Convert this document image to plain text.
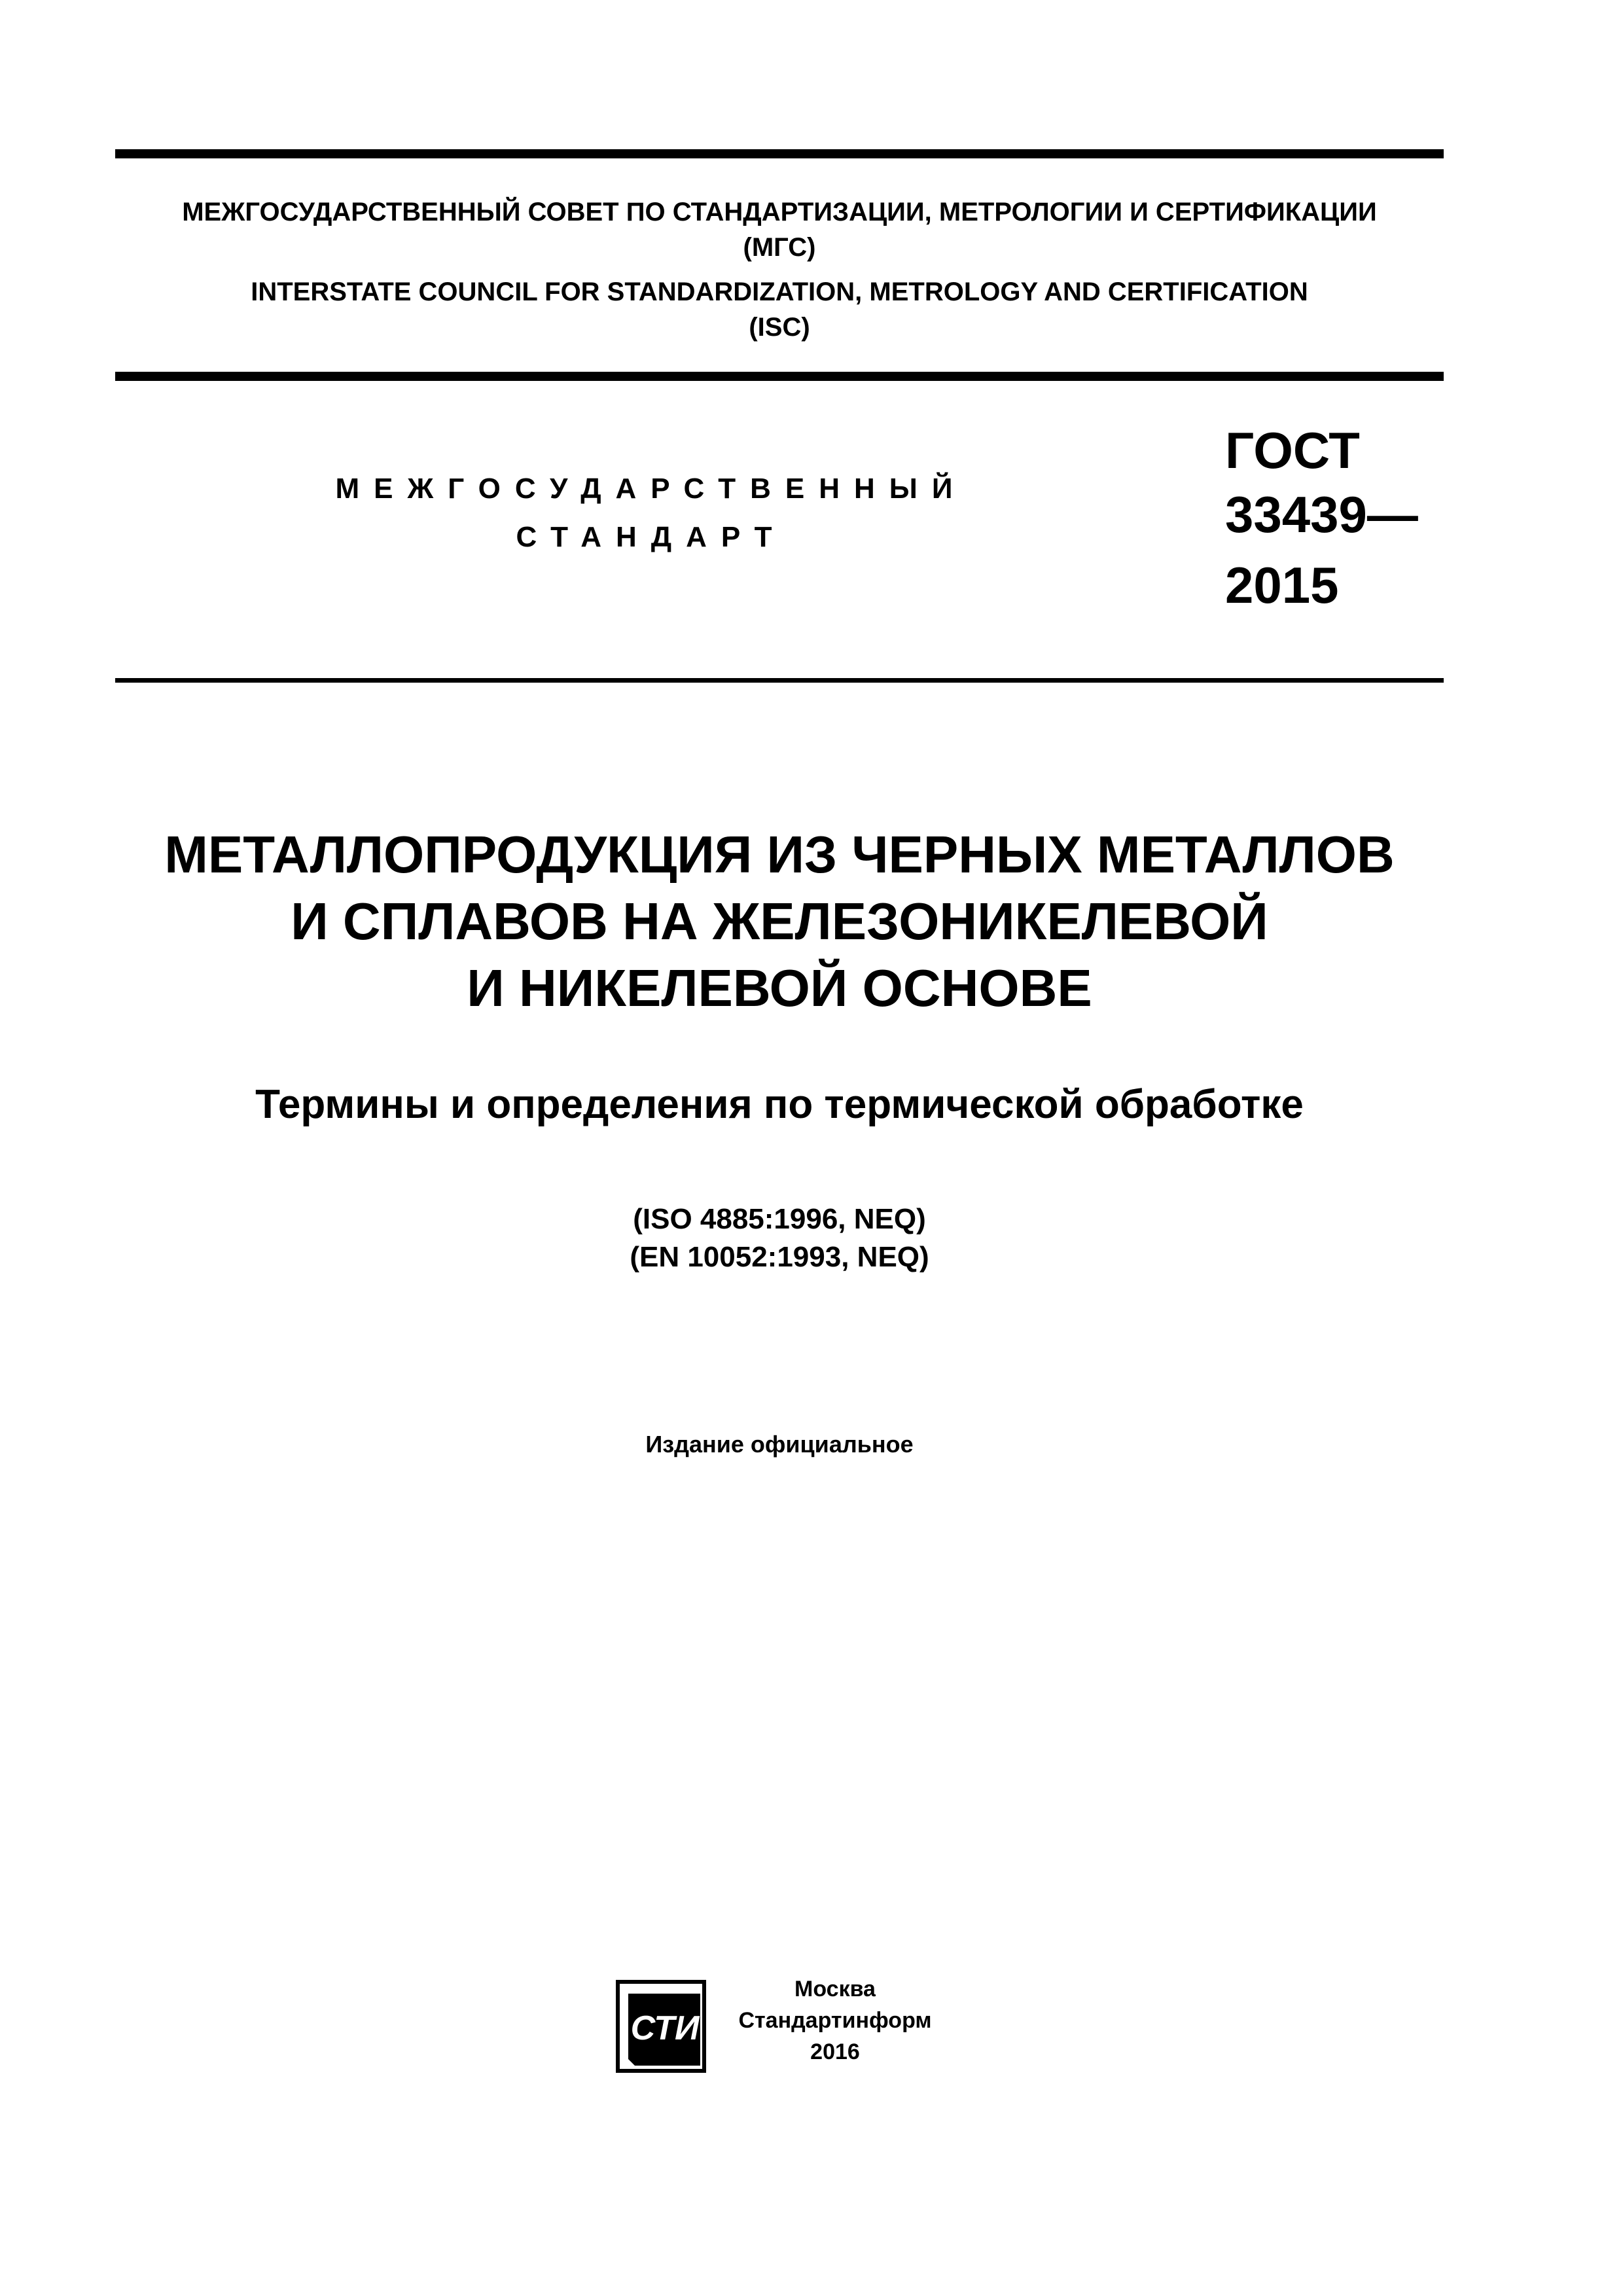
МЕЖГОСУДАРСТВЕННЫЙ СОВЕТ ПО СТАНДАРТИЗАЦИИ, МЕТРОЛОГИИ И СЕРТИФИКАЦИИ
(МГС)
INTERSTATE COUNCIL FOR STANDARDIZATION, METROLOGY AND CERTIFICATION
(ISC)
МЕЖГОСУДАРСТВЕННЫЙ
СТАНДАРТ
ГОСТ
33439—
2015
МЕТАЛЛОПРОДУКЦИЯ ИЗ ЧЕРНЫХ МЕТАЛЛОВ
И СПЛАВОВ НА ЖЕЛЕЗОНИКЕЛЕВОЙ
И НИКЕЛЕВОЙ ОСНОВЕ
Термины и определения по термической обработке
(ISO 4885:1996, NEQ)
(EN 10052:1993, NEQ)
Издание официальное
СТИ
Москва
Стандартинформ
2016
